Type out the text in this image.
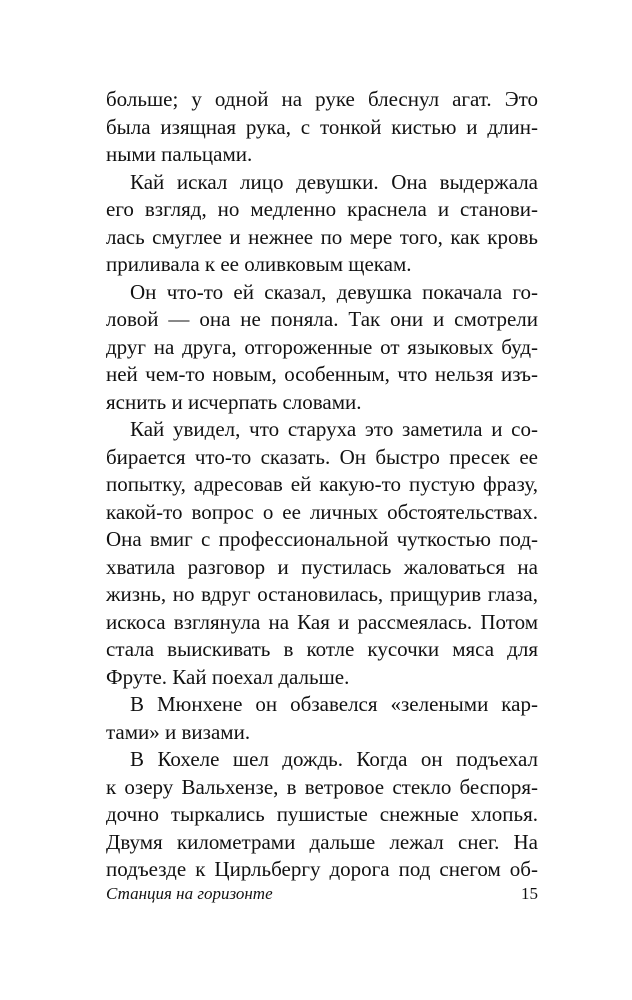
больше; у одной на руке блеснул агат. Это
была изящная рука, с тонкой кистью и длин-
ными пальцами.

Кай искал лицо девушки. Она выдержала
его взгляд, но медленно краснела и станови-
лась смуглее и нежнее по мере того, как кровь
приливала к ее оливковым щекам.

Он что-то ей сказал, девушка покачала го-
ловой — она не поняла. Так они и смотрели
друг на друга, отгороженные от языковых буд-
ней чем-то новым, особенным, что нельзя изъ-
яснить и исчерпать словами.

Кай увидел, что старуха это заметила и со-
бирается что-то сказать. Он быстро пресек ее
попытку, адресовав ей какую-то пустую фразу,
какой-то вопрос о ее личных обстоятельствах.
Она вмиг с профессиональной чуткостью под-
хватила разговор и пустилась жаловаться на
жизнь, но вдруг остановилась, прищурив глаза,
искоса взглянула на Кая и рассмеялась. Потом
стала выискивать в котле кусочки мяса для
Фруте. Кай поехал дальше.

В Мюнхене он обзавелся «зелеными кар-
тами» и визами.

В Кохеле шел дождь. Когда он подъехал
к озеру Вальхензе, в ветровое стекло беспоря-
дочно тыркались пушистые снежные хлопья.
Двумя километрами дальше лежал снег. На
подъезде к Цирльбергу дорога под снегом об-

Станция на горизонте	15
